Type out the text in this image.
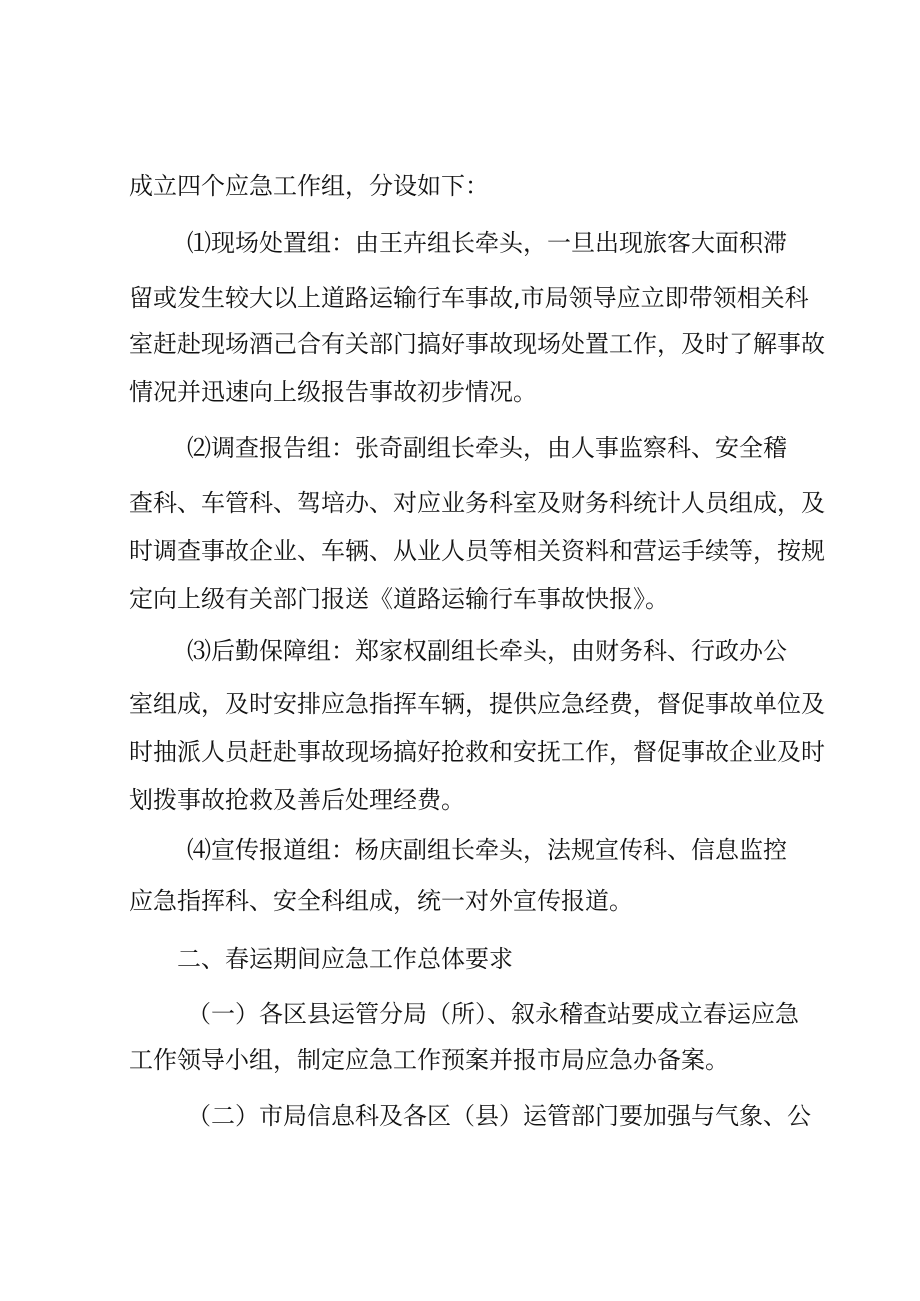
成立四个应急工作组，分设如下：
⑴现场处置组：由王卉组长牵头，一旦出现旅客大面积滞
留或发生较大以上道路运输行车事故,市局领导应立即带领相关科
室赶赴现场酒己合有关部门搞好事故现场处置工作，及时了解事故
情况并迅速向上级报告事故初步情况。
⑵调查报告组：张奇副组长牵头，由人事监察科、安全稽
查科、车管科、驾培办、对应业务科室及财务科统计人员组成，及
时调查事故企业、车辆、从业人员等相关资料和营运手续等，按规
定向上级有关部门报送《道路运输行车事故快报》。
⑶后勤保障组：郑家权副组长牵头，由财务科、行政办公
室组成，及时安排应急指挥车辆，提供应急经费，督促事故单位及
时抽派人员赶赴事故现场搞好抢救和安抚工作，督促事故企业及时
划拨事故抢救及善后处理经费。
⑷宣传报道组：杨庆副组长牵头，法规宣传科、信息监控
应急指挥科、安全科组成，统一对外宣传报道。
二、春运期间应急工作总体要求
（一）各区县运管分局（所）、叙永稽查站要成立春运应急
工作领导小组，制定应急工作预案并报市局应急办备案。
（二）市局信息科及各区（县）运管部门要加强与气象、公
